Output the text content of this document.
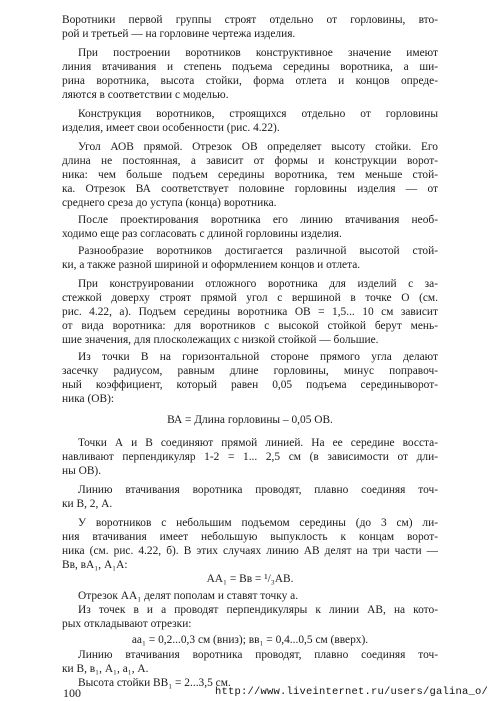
Воротники первой группы строят отдельно от горловины, вто-
рой и третьей — на горловине чертежа изделия.
При построении воротников конструктивное значение имеют
линия втачивания и степень подъема середины воротника, а ши-
рина воротника, высота стойки, форма отлета и концов опреде-
ляются в соответствии с моделью.
Конструкция воротников, строящихся отдельно от горловины
изделия, имеет свои особенности (рис. 4.22).
Угол АОВ прямой. Отрезок ОВ определяет высоту стойки. Его
длина не постоянная, а зависит от формы и конструкции ворот-
ника: чем больше подъем середины воротника, тем меньше стой-
ка. Отрезок ВА соответствует половине горловины изделия — от
среднего среза до уступа (конца) воротника.
После проектирования воротника его линию втачивания необ-
ходимо еще раз согласовать с длиной горловины изделия.
Разнообразие воротников достигается различной высотой стой-
ки, а также разной шириной и оформлением концов и отлета.
При конструировании отложного воротника для изделий с за-
стежкой доверху строят прямой угол с вершиной в точке О (см.
рис. 4.22, а). Подъем середины воротника ОВ = 1,5... 10 см зависит
от вида воротника: для воротников с высокой стойкой берут мень-
шие значения, для плосколежащих с низкой стойкой — большие.
Из точки В на горизонтальной стороне прямого угла делают
засечку радиусом, равным длине горловины, минус поправоч-
ный коэффициент, который равен 0,05 подъема серединыворот-
ника (ОВ):
ВА = Длина горловины – 0,05 ОВ.
Точки А и В соединяют прямой линией. На ее середине восста-
навливают перпендикуляр 1-2 = 1... 2,5 см (в зависимости от дли-
ны ОВ).
Линию втачивания воротника проводят, плавно соединяя точ-
ки В, 2, А.
У воротников с небольшим подъемом середины (до 3 см) ли-
ния втачивания имеет небольшую выпуклость к концам ворот-
ника (см. рис. 4.22, б). В этих случаях линию АВ делят на три части —
Вв, вА₁, А₁А:
АА₁ = Вв = ¹/₃АВ.
Отрезок АА₁ делят пополам и ставят точку а.
Из точек в и а проводят перпендикуляры к линии АВ, на кото-
рых откладывают отрезки:
аа₁ = 0,2...0,3 см (вниз); вв₁ = 0,4...0,5 см (вверх).
Линию втачивания воротника проводят, плавно соединяя точ-
ки В, в₁, А₁, а₁, А.
Высота стойки ВВ₁ = 2...3,5 см.
100	http://www.liveinternet.ru/users/galina_o/
